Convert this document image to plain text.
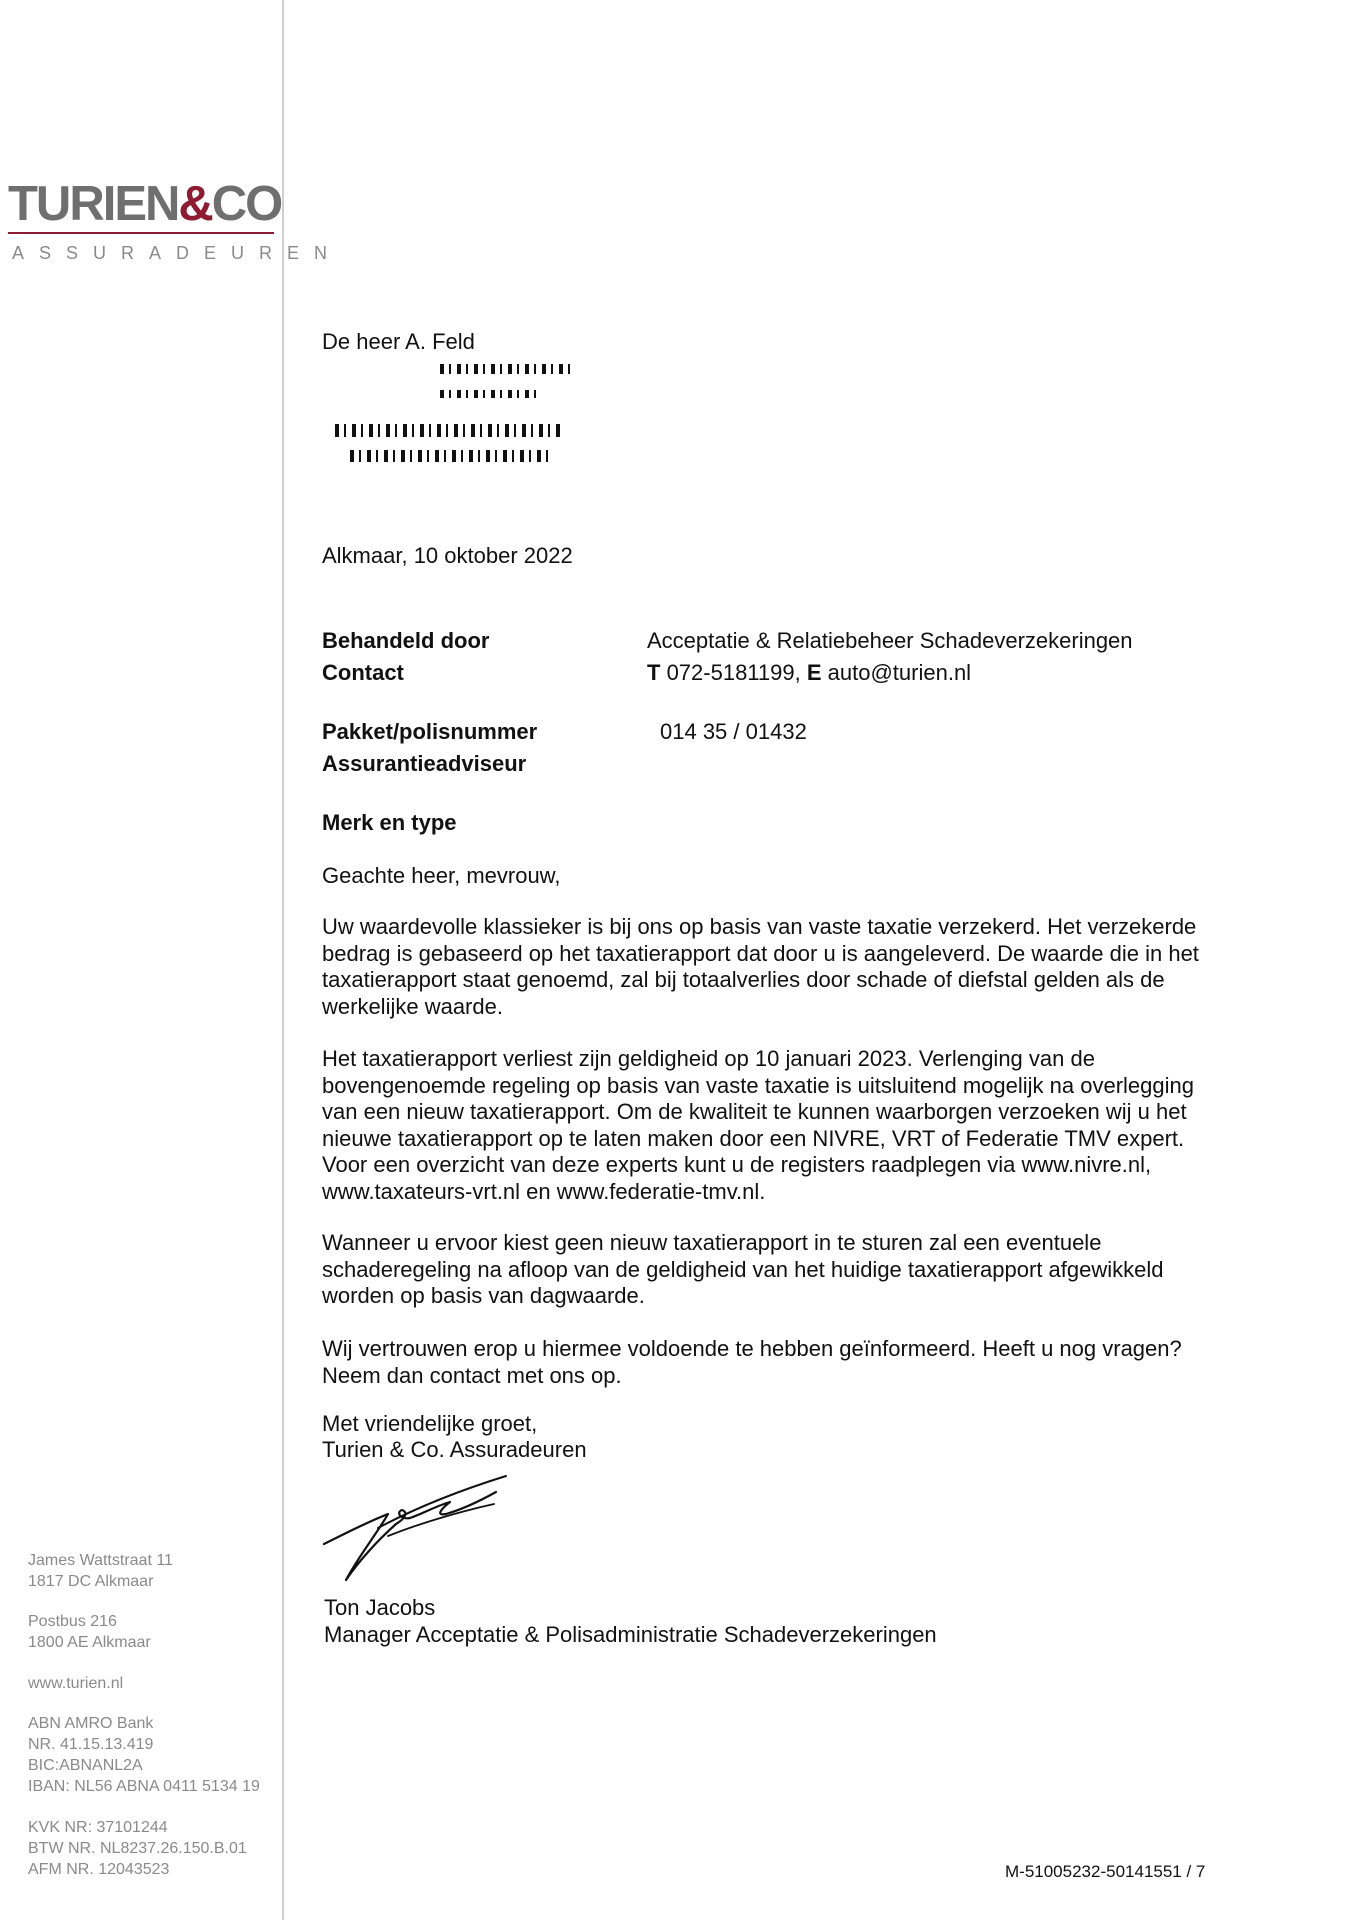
TURIEN&CO
ASSURADEUREN
De heer A. Feld
Alkmaar, 10 oktober 2022
Behandeld door	Acceptatie & Relatiebeheer Schadeverzekeringen
Contact	T 072-5181199, E auto@turien.nl
Pakket/polisnummer	014 35 / 01432
Assurantieadviseur
Merk en type
Geachte heer, mevrouw,
Uw waardevolle klassieker is bij ons op basis van vaste taxatie verzekerd. Het verzekerde
bedrag is gebaseerd op het taxatierapport dat door u is aangeleverd. De waarde die in het
taxatierapport staat genoemd, zal bij totaalverlies door schade of diefstal gelden als de
werkelijke waarde.
Het taxatierapport verliest zijn geldigheid op 10 januari 2023. Verlenging van de
bovengenoemde regeling op basis van vaste taxatie is uitsluitend mogelijk na overlegging
van een nieuw taxatierapport. Om de kwaliteit te kunnen waarborgen verzoeken wij u het
nieuwe taxatierapport op te laten maken door een NIVRE, VRT of Federatie TMV expert.
Voor een overzicht van deze experts kunt u de registers raadplegen via www.nivre.nl,
www.taxateurs-vrt.nl en www.federatie-tmv.nl.
Wanneer u ervoor kiest geen nieuw taxatierapport in te sturen zal een eventuele
schaderegeling na afloop van de geldigheid van het huidige taxatierapport afgewikkeld
worden op basis van dagwaarde.
Wij vertrouwen erop u hiermee voldoende te hebben geïnformeerd. Heeft u nog vragen?
Neem dan contact met ons op.
Met vriendelijke groet,
Turien & Co. Assuradeuren
Ton Jacobs
Manager Acceptatie & Polisadministratie Schadeverzekeringen
James Wattstraat 11
1817 DC Alkmaar
Postbus 216
1800 AE Alkmaar
www.turien.nl
ABN AMRO Bank
NR. 41.15.13.419
BIC:ABNANL2A
IBAN: NL56 ABNA 0411 5134 19
KVK NR: 37101244
BTW NR. NL8237.26.150.B.01
AFM NR. 12043523	M-51005232-50141551 / 7
